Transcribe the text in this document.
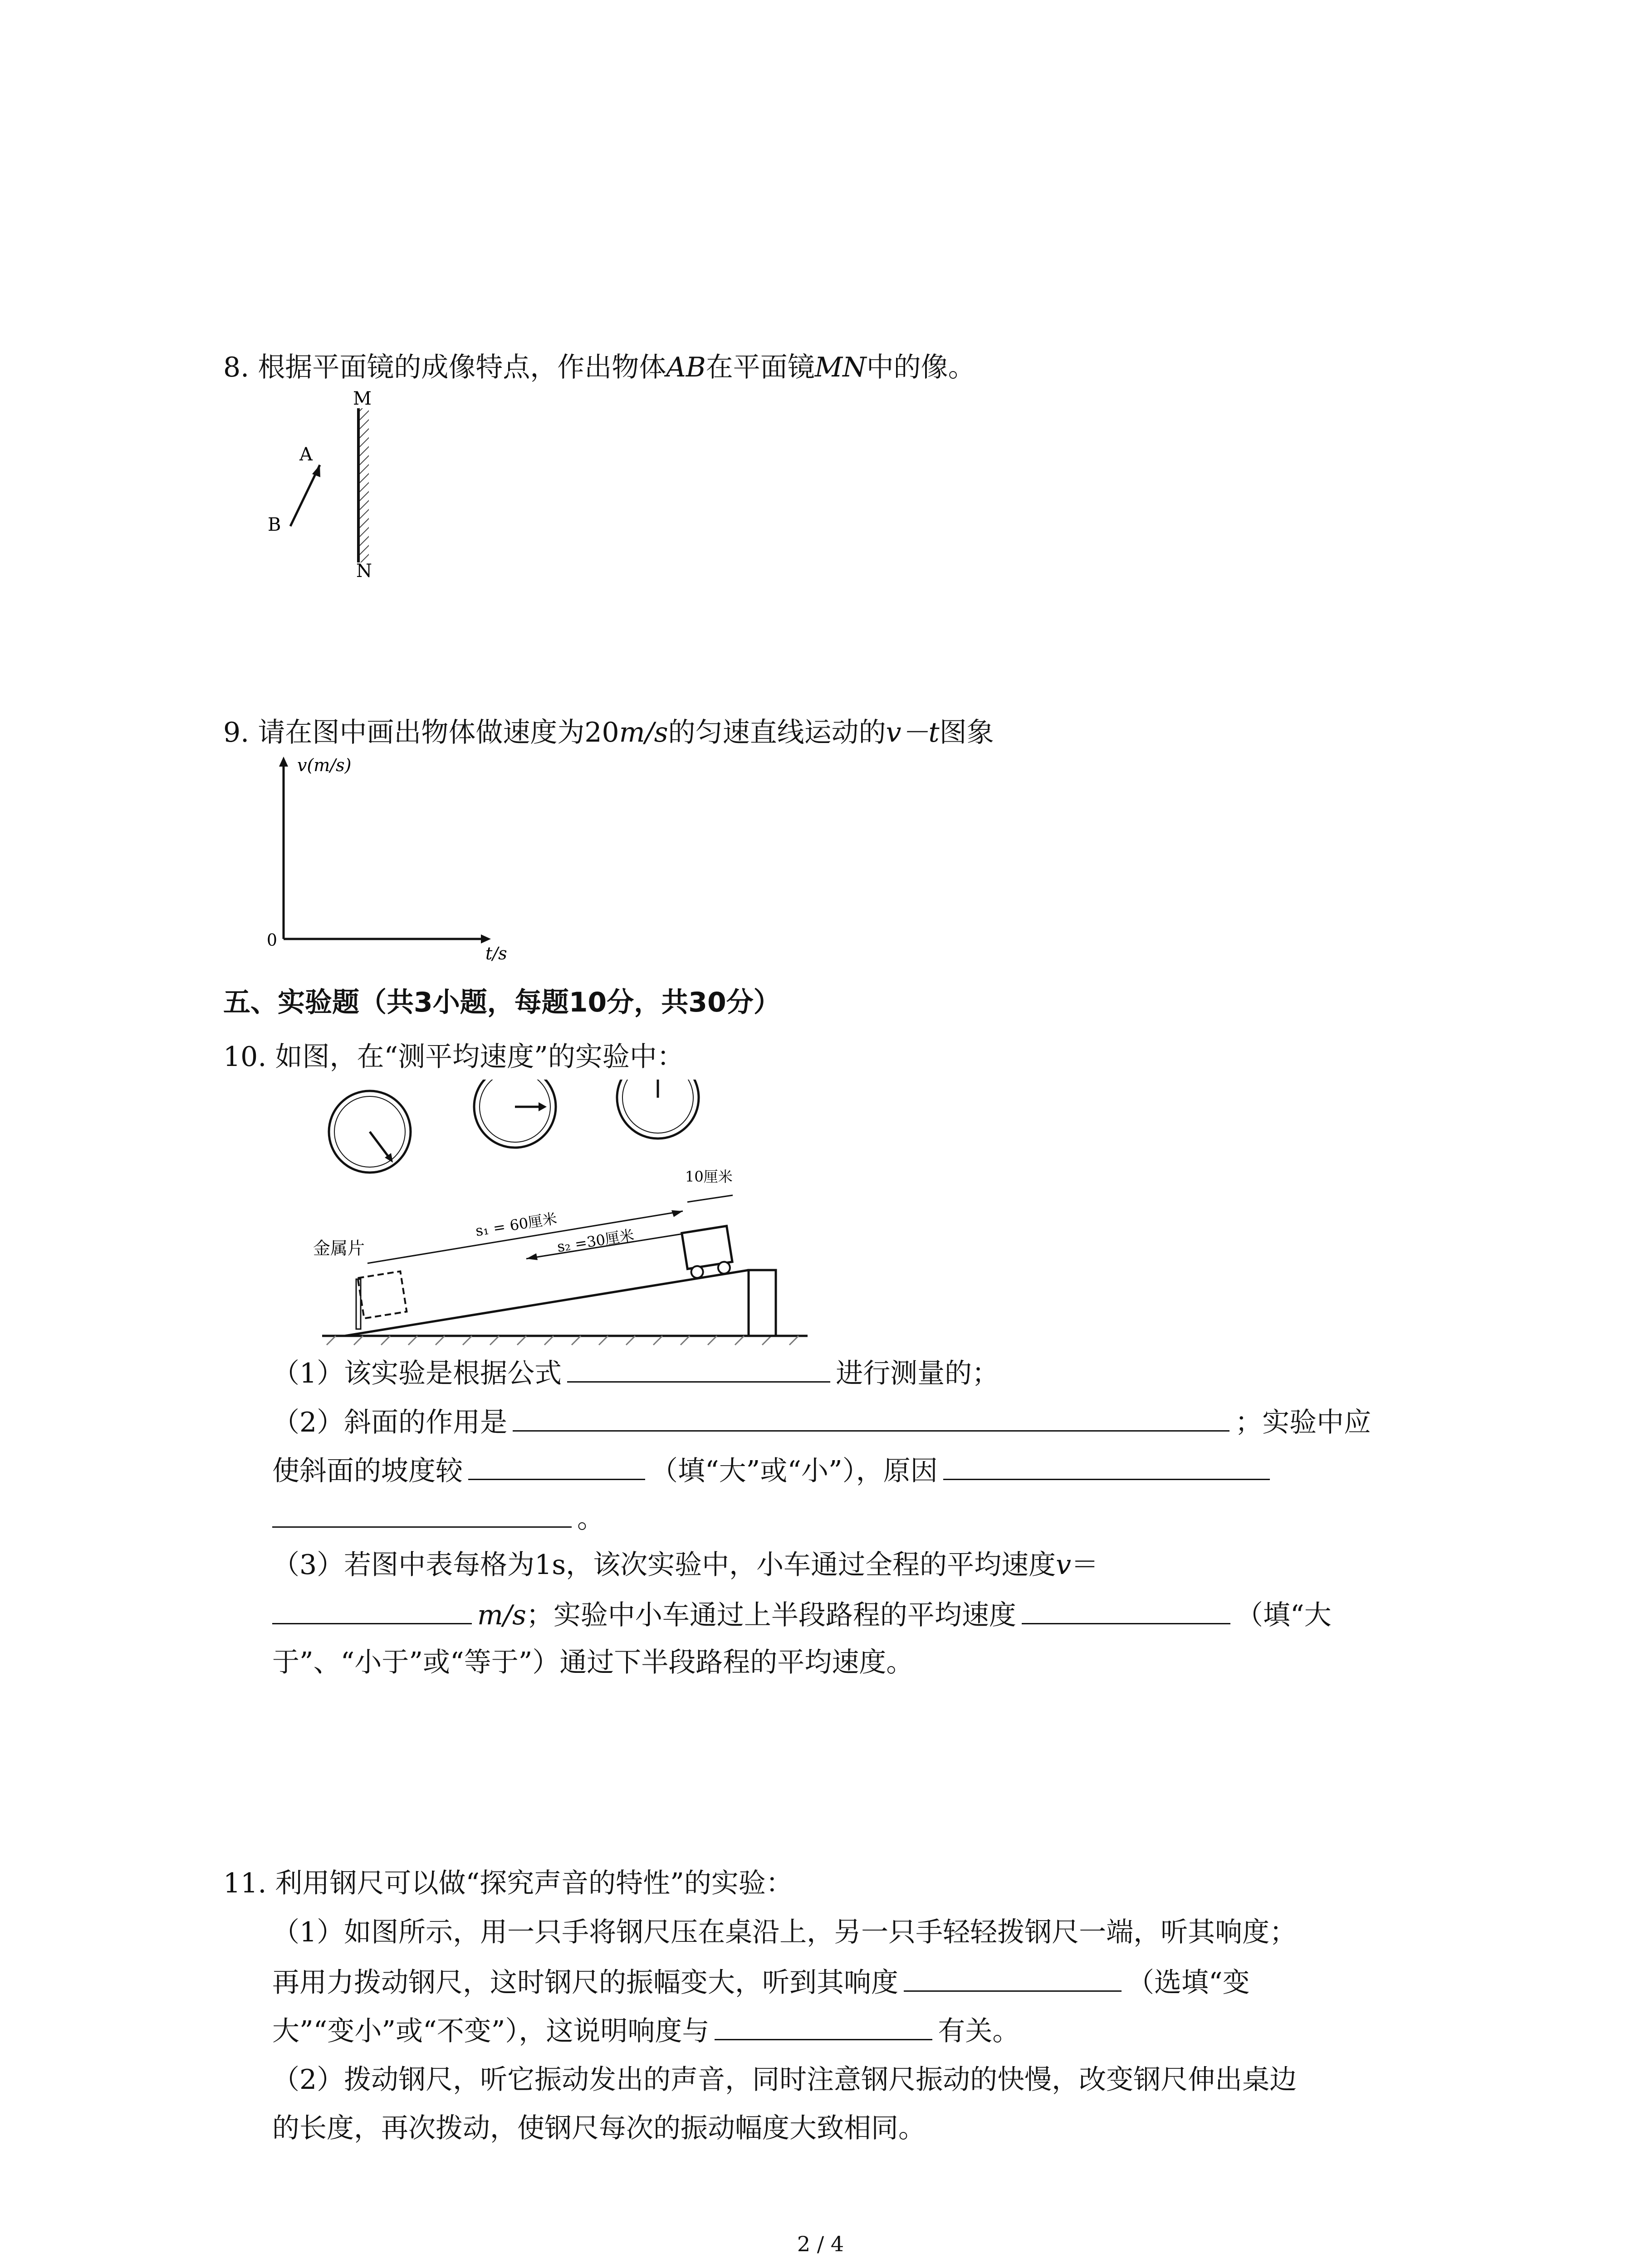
8. 根据平面镜的成像特点，作出物体AB在平面镜MN中的像。
M
N
A
B
9. 请在图中画出物体做速度为20m/s的匀速直线运动的v－t图象
v(m/s)
t/s
0
五、实验题（共3小题，每题10分，共30分）
10. 如图，在“测平均速度”的实验中：
s₁ = 60厘米
s₂ =30厘米
10厘米
金属片
（1）该实验是根据公式	进行测量的；
（2）斜面的作用是	；实验中应
使斜面的坡度较	（填“大”或“小”），原因
。
（3）若图中表每格为1s，该次实验中，小车通过全程的平均速度v＝
m/s；实验中小车通过上半段路程的平均速度	（填“大
于”、“小于”或“等于”）通过下半段路程的平均速度。
11. 利用钢尺可以做“探究声音的特性”的实验：
（1）如图所示，用一只手将钢尺压在桌沿上，另一只手轻轻拨钢尺一端，听其响度；
再用力拨动钢尺，这时钢尺的振幅变大，听到其响度	（选填“变
大”“变小”或“不变”），这说明响度与	有关。
（2）拨动钢尺，听它振动发出的声音，同时注意钢尺振动的快慢，改变钢尺伸出桌边
的长度，再次拨动，使钢尺每次的振动幅度大致相同。
2 / 4
